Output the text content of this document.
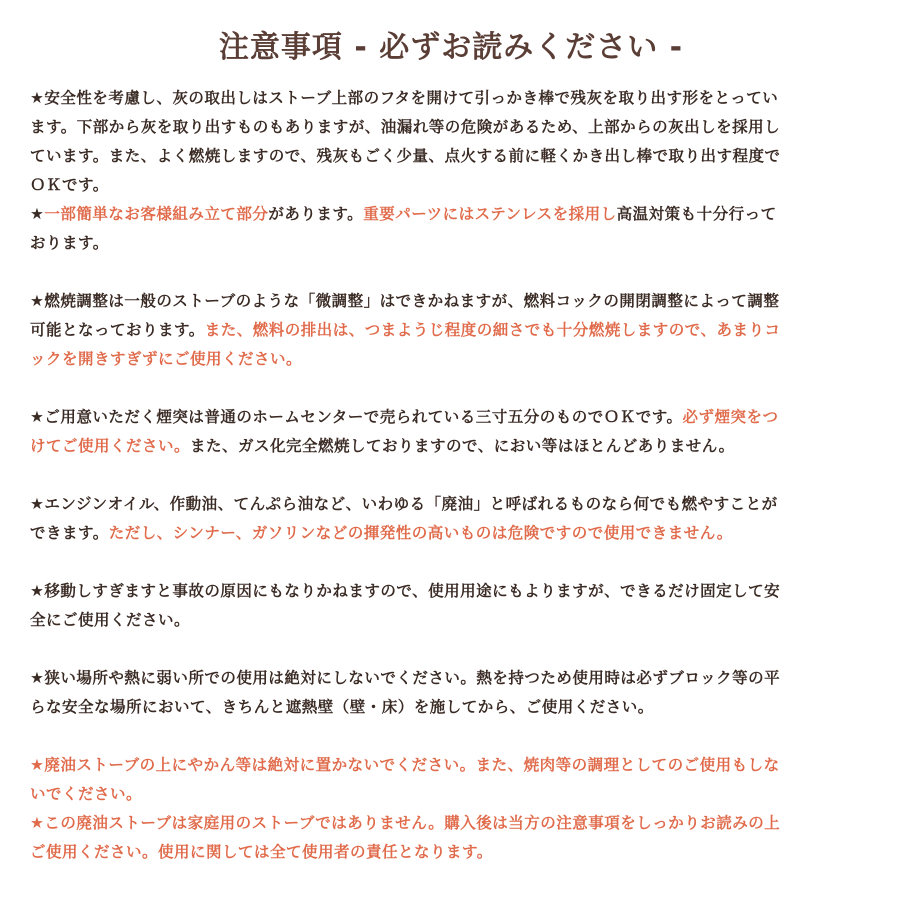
注意事項 - 必ずお読みください -
★安全性を考慮し、灰の取出しはストーブ上部のフタを開けて引っかき棒で残灰を取り出す形をとってい
ます。下部から灰を取り出すものもありますが、油漏れ等の危険があるため、上部からの灰出しを採用し
ています。また、よく燃焼しますので、残灰もごく少量、点火する前に軽くかき出し棒で取り出す程度で
ＯＫです。
★一部簡単なお客様組み立て部分があります。重要パーツにはステンレスを採用し高温対策も十分行って
おります。
★燃焼調整は一般のストーブのような「微調整」はできかねますが、燃料コックの開閉調整によって調整
可能となっております。また、燃料の排出は、つまようじ程度の細さでも十分燃焼しますので、あまりコ
ックを開きすぎずにご使用ください。
★ご用意いただく煙突は普通のホームセンターで売られている三寸五分のものでＯＫです。必ず煙突をつ
けてご使用ください。また、ガス化完全燃焼しておりますので、におい等はほとんどありません。
★エンジンオイル、作動油、てんぷら油など、いわゆる「廃油」と呼ばれるものなら何でも燃やすことが
できます。ただし、シンナー、ガソリンなどの揮発性の高いものは危険ですので使用できません。
★移動しすぎますと事故の原因にもなりかねますので、使用用途にもよりますが、できるだけ固定して安
全にご使用ください。
★狭い場所や熱に弱い所での使用は絶対にしないでください。熱を持つため使用時は必ずブロック等の平
らな安全な場所において、きちんと遮熱壁（壁・床）を施してから、ご使用ください。
★廃油ストーブの上にやかん等は絶対に置かないでください。また、焼肉等の調理としてのご使用もしな
いでください。
★この廃油ストーブは家庭用のストーブではありません。購入後は当方の注意事項をしっかりお読みの上
ご使用ください。使用に関しては全て使用者の責任となります。
